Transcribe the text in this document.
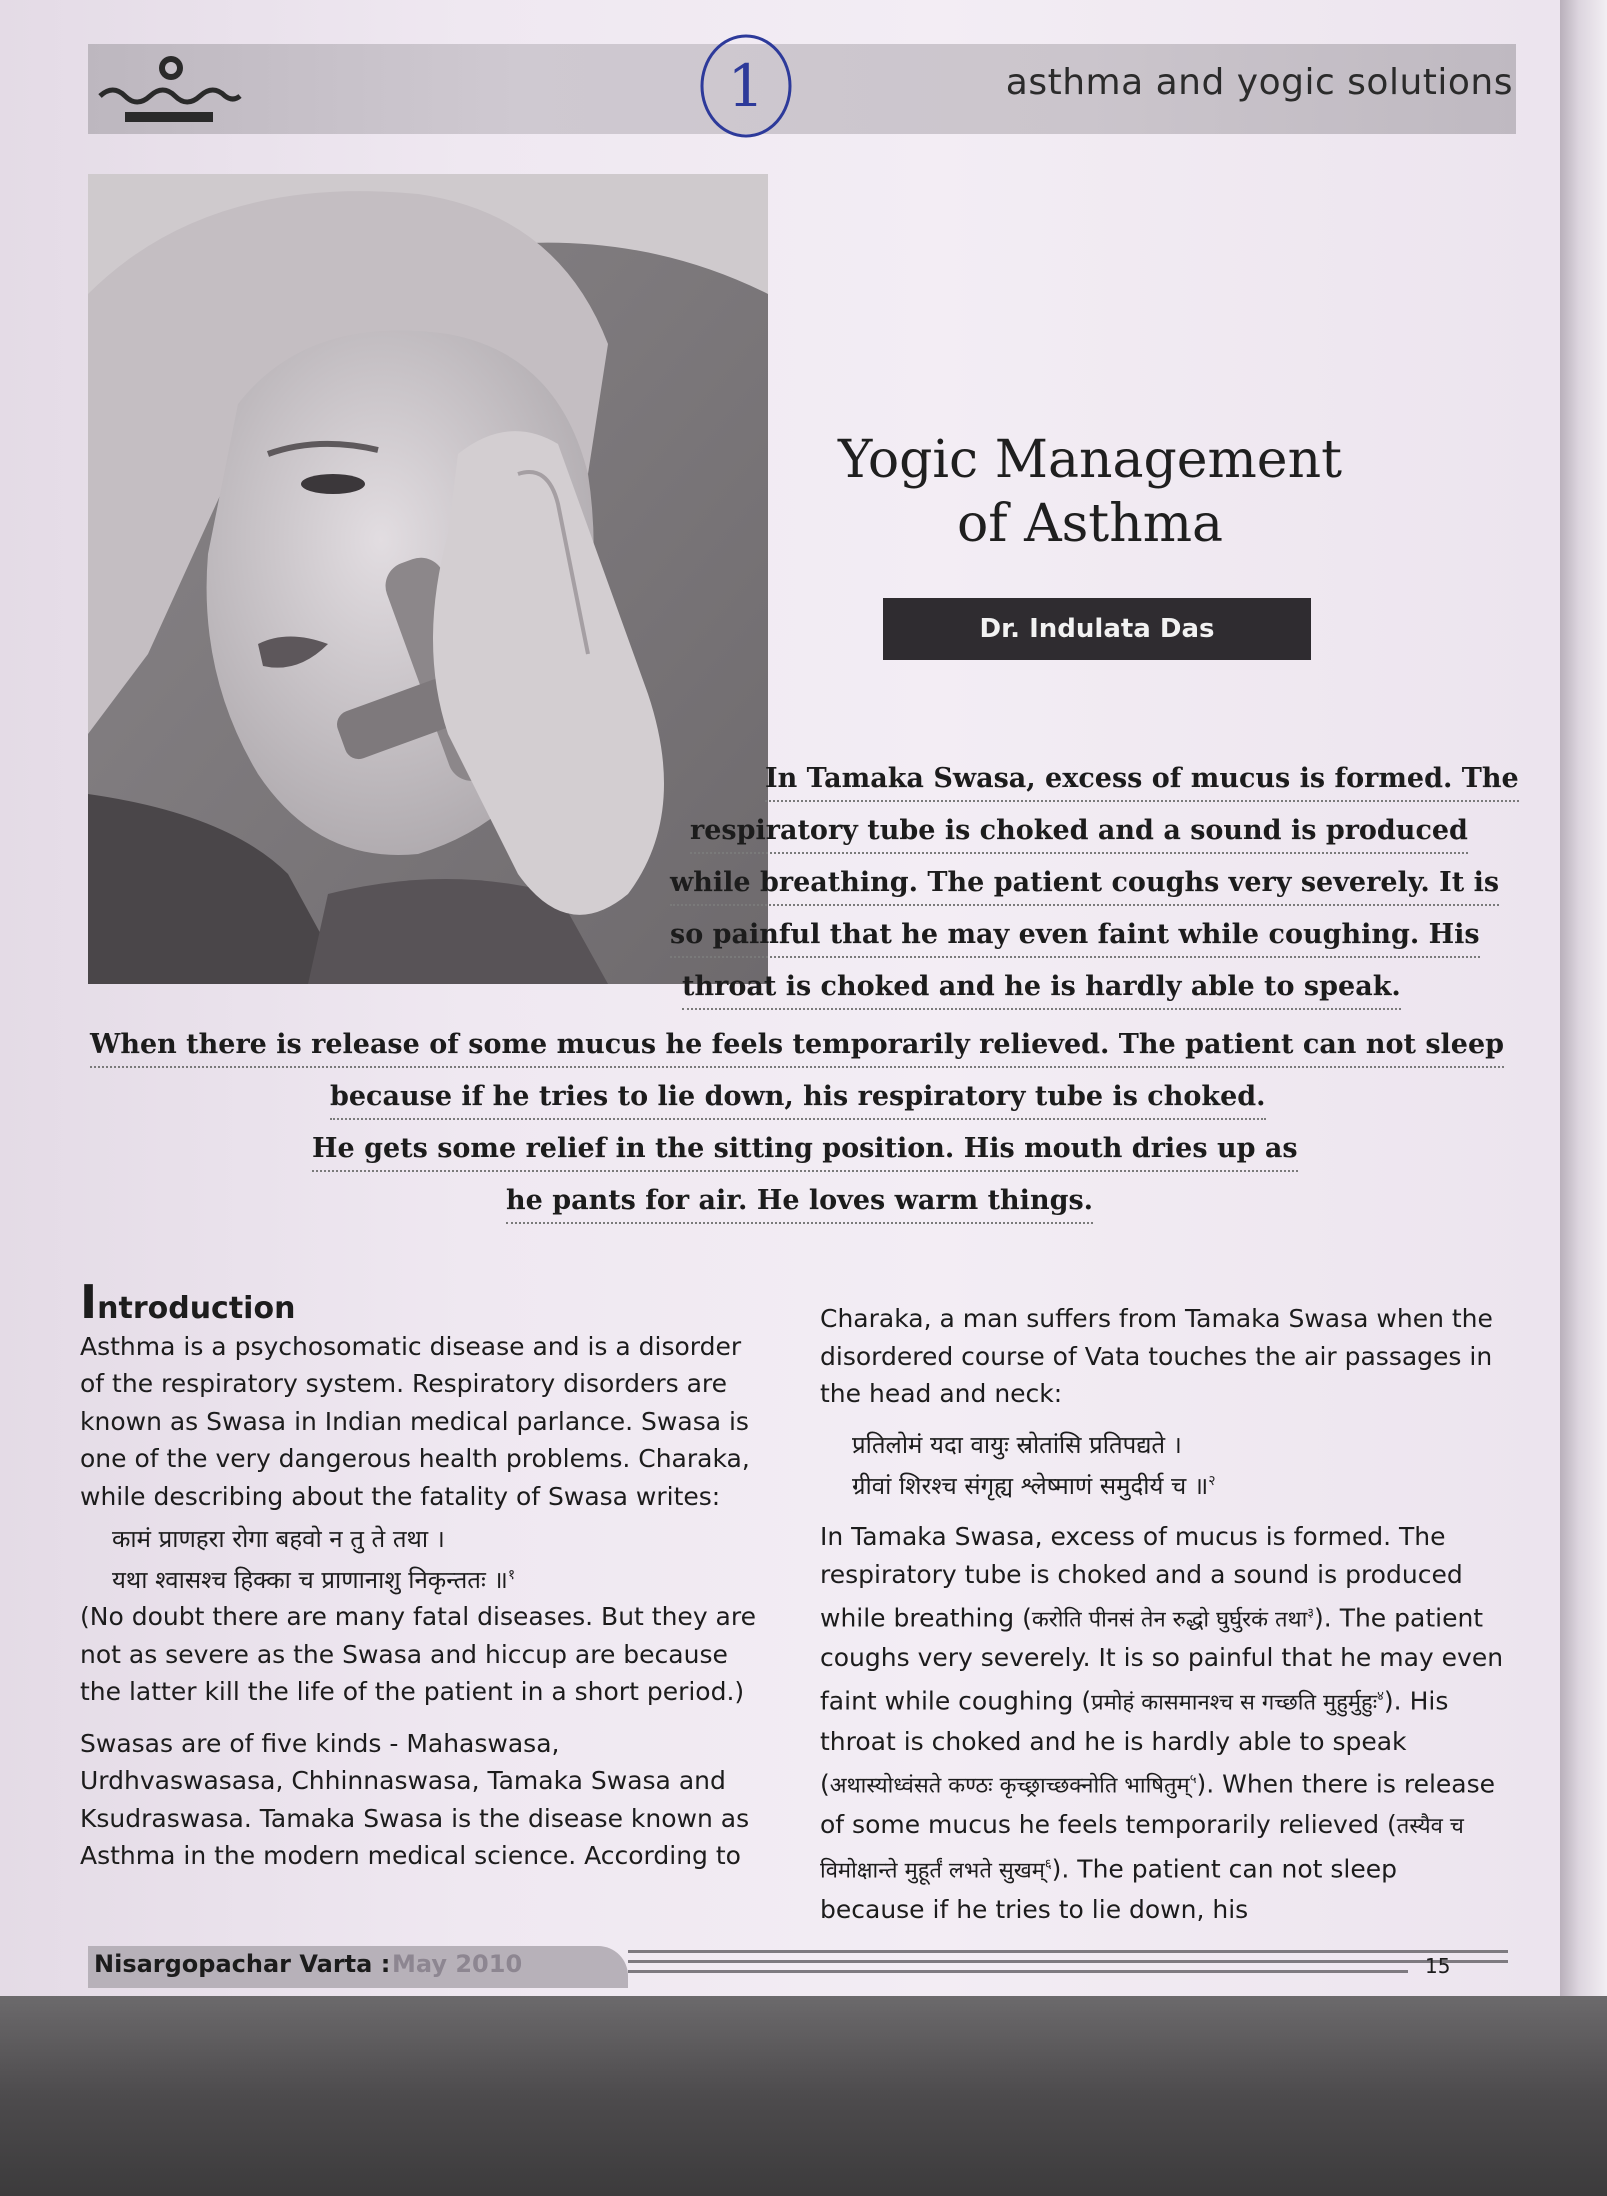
asthma and yogic solutions
1
Yogic Management
of Asthma
Dr. Indulata Das
In Tamaka Swasa, excess of mucus is formed. The
respiratory tube is choked and a sound is produced
while breathing. The patient coughs very severely. It is
so painful that he may even faint while coughing. His
throat is choked and he is hardly able to speak.
When there is release of some mucus he feels temporarily relieved. The patient can not sleep
because if he tries to lie down, his respiratory tube is choked.
He gets some relief in the sitting position. His mouth dries up as
he pants for air. He loves warm things.
Introduction

Asthma is a psychosomatic disease and is a disorder of the respiratory system. Respiratory disorders are known as Swasa in Indian medical parlance. Swasa is one of the very dangerous health problems. Charaka, while describing about the fatality of Swasa writes:

कामं प्राणहरा रोगा बहवो न तु ते तथा ।
यथा श्वासश्च हिक्का च प्राणानाशु निकृन्ततः ॥$^१$

(No doubt there are many fatal diseases. But they are not as severe as the Swasa and hiccup are because the latter kill the life of the patient in a short period.)

Swasas are of five kinds - Mahaswasa, Urdhvaswasasa, Chhinnaswasa, Tamaka Swasa and Ksudraswasa. Tamaka Swasa is the disease known as Asthma in the modern medical science. According to

Charaka, a man suffers from Tamaka Swasa when the disordered course of Vata touches the air passages in the head and neck:

प्रतिलोमं यदा वायुः स्रोतांसि प्रतिपद्यते ।
ग्रीवां शिरश्च संगृह्य श्लेष्माणं समुदीर्य च ॥$^२$

In Tamaka Swasa, excess of mucus is formed. The respiratory tube is choked and a sound is produced while breathing (करोति पीनसं तेन रुद्धो घुर्घुरकं तथा$^३$). The patient coughs very severely. It is so painful that he may even faint while coughing (प्रमोहं कासमानश्च स गच्छति मुहुर्मुहुः$^४$). His throat is choked and he is hardly able to speak (अथास्योध्वंसते कण्ठः कृच्छ्राच्छक्नोति भाषितुम्$^५$). When there is release of some mucus he feels temporarily relieved (तस्यैव च विमोक्षान्ते मुहूर्तं लभते सुखम्$^६$). The patient can not sleep because if he tries to lie down, his

Nisargopachar Varta : May 2010	15
